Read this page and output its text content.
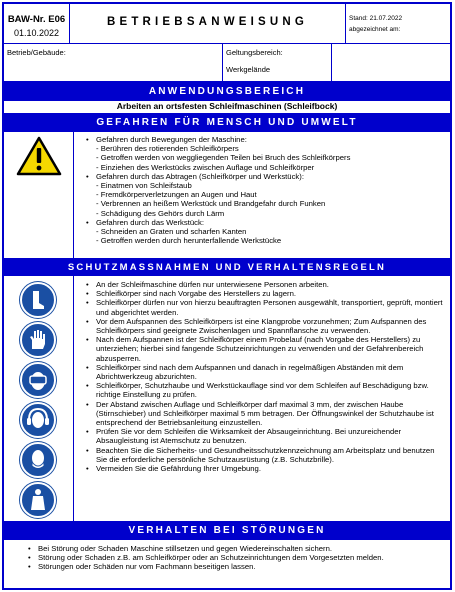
BAW-Nr. E06
01.10.2022
BETRIEBSANWEISUNG	Stand: 21.07.2022
abgezeichnet am:
Betrieb/Gebäude:	Geltungsbereich:
Werkgelände
ANWENDUNGSBEREICH
Arbeiten an ortsfesten Schleifmaschinen (Schleifbock)
GEFAHREN FÜR MENSCH UND UMWELT
• Gefahren durch Bewegungen der Maschine:
- Berühren des rotierenden Schleifkörpers
- Getroffen werden von weggliegenden Teilen bei Bruch des Schleifkörpers
- Einziehen des Werkstücks zwischen Auflage und Schleifkörper
• Gefahren durch das Abtragen (Schleifkörper und Werkstück):
- Einatmen von Schleifstaub
- Fremdkörperverletzungen an Augen und Haut
- Verbrennen an heißem Werkstück und Brandgefahr durch Funken
- Schädigung des Gehörs durch Lärm
• Gefahren durch das Werkstück:
- Schneiden an Graten und scharfen Kanten
- Getroffen werden durch herunterfallende Werkstücke
SCHUTZMASSNAHMEN UND VERHALTENSREGELN
• An der Schleifmaschine dürfen nur unterwiesene Personen arbeiten.
• Schleifkörper sind nach Vorgabe des Herstellers zu lagern.
• Schleifkörper dürfen nur von hierzu beauftragten Personen ausgewählt, transportiert, geprüft, montiert und abgerichtet werden.
• Vor dem Aufspannen des Schleifkörpers ist eine Klangprobe vorzunehmen; Zum Aufspannen des Schleifkörpers sind geeignete Zwischenlagen und Spannflansche zu verwenden.
• Nach dem Aufspannen ist der Schleifkörper einem Probelauf (nach Vorgabe des Herstellers) zu unterziehen; hierbei sind fangende Schutzeinrichtungen zu verwenden und der Gefahrenbereich abzusperren.
• Schleifkörper sind nach dem Aufspannen und danach in regelmäßigen Abständen mit dem Abrichtwerkzeug abzurichten.
• Schleifkörper, Schutzhaube und Werkstückauflage sind vor dem Schleifen auf Beschädigung bzw. richtige Einstellung zu prüfen.
• Der Abstand zwischen Auflage und Schleifkörper darf maximal 3 mm, der zwischen Haube (Stirnschieber) und Schleifkörper maximal 5 mm betragen. Der Öffnungswinkel der Schutzhaube ist entsprechend der Betriebsanleitung einzustellen.
• Prüfen Sie vor dem Schleifen die Wirksamkeit der Absaugeinrichtung. Bei unzureichender Absaugleistung ist Atemschutz zu benutzen.
• Beachten Sie die Sicherheits- und Gesundheitsschutzkennzeichnung am Arbeitsplatz und benutzen Sie die erforderliche persönliche Schutzausrüstung (z.B. Schutzbrille).
• Vermeiden Sie die Gefährdung Ihrer Umgebung.
VERHALTEN BEI STÖRUNGEN
• Bei Störung oder Schaden Maschine stillsetzen und gegen Wiedereinschalten sichern.
• Störung oder Schaden z.B. am Schleifkörper oder an Schutzeinrichtungen dem Vorgesetzten melden.
• Störungen oder Schäden nur vom Fachmann beseitigen lassen.
